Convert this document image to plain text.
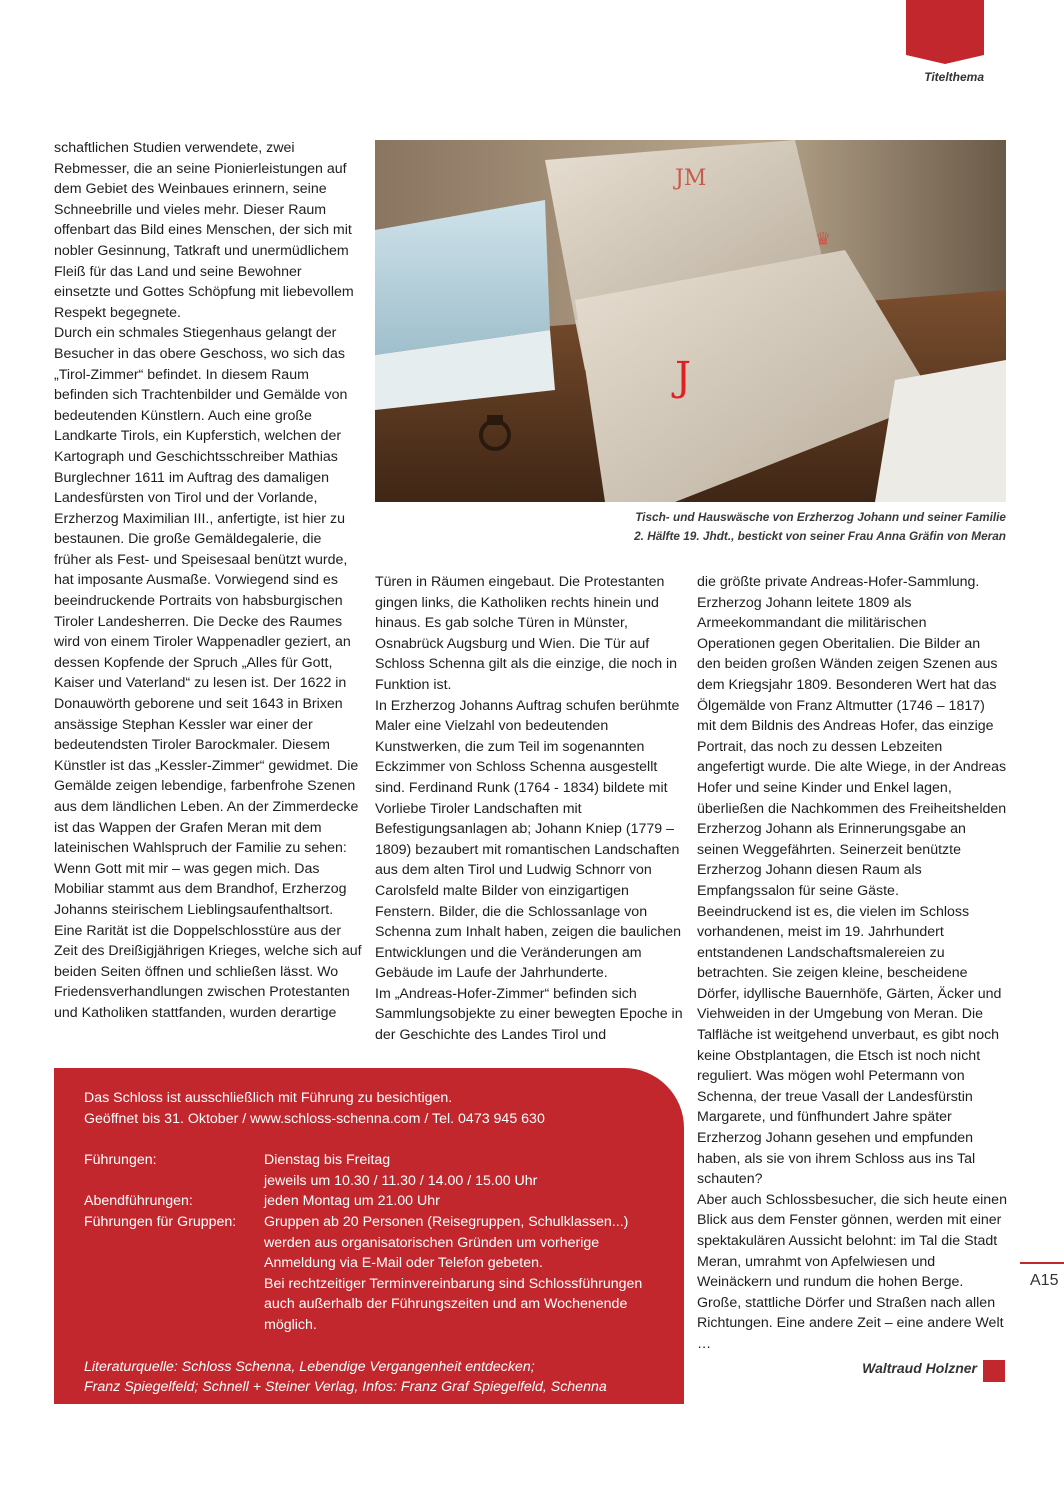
Titelthema

schaftlichen Studien verwendete, zwei Rebmesser, die an seine Pionierleistungen auf dem Gebiet des Weinbaues erinnern, seine Schneebrille und vieles mehr. Dieser Raum offenbart das Bild eines Menschen, der sich mit nobler Gesinnung, Tatkraft und unermüdlichem Fleiß für das Land und seine Bewohner einsetzte und Gottes Schöpfung mit liebevollem Respekt begegnete.

Durch ein schmales Stiegenhaus gelangt der Besucher in das obere Geschoss, wo sich das „Tirol-Zimmer“ befindet. In diesem Raum befinden sich Trachtenbilder und Gemälde von bedeutenden Künstlern. Auch eine große Landkarte Tirols, ein Kupferstich, welchen der Kartograph und Geschichtsschreiber Mathias Burglechner 1611 im Auftrag des damaligen Landesfürsten von Tirol und der Vorlande, Erzherzog Maximilian III., anfertigte, ist hier zu bestaunen. Die große Gemäldegalerie, die früher als Fest- und Speisesaal benützt wurde, hat imposante Ausmaße. Vorwiegend sind es beeindruckende Portraits von habsburgischen Tiroler Landesherren. Die Decke des Raumes wird von einem Tiroler Wappenadler geziert, an dessen Kopfende der Spruch „Alles für Gott, Kaiser und Vaterland“ zu lesen ist. Der 1622 in Donauwörth geborene und seit 1643 in Brixen ansässige Stephan Kessler war einer der bedeutendsten Tiroler Barockmaler. Diesem Künstler ist das „Kessler-Zimmer“ gewidmet. Die Gemälde zeigen lebendige, farbenfrohe Szenen aus dem ländlichen Leben. An der Zimmerdecke ist das Wappen der Grafen Meran mit dem lateinischen Wahlspruch der Familie zu sehen: Wenn Gott mit mir – was gegen mich. Das Mobiliar stammt aus dem Brandhof, Erzherzog Johanns steirischem Lieblingsaufenthaltsort. Eine Rarität ist die Doppelschlosstüre aus der Zeit des Dreißigjährigen Krieges, welche sich auf beiden Seiten öffnen und schließen lässt. Wo Friedensverhandlungen zwischen Protestanten und Katholiken stattfanden, wurden derartige

J
JM
♛
Tisch- und Hauswäsche von Erzherzog Johann und seiner Familie
2. Hälfte 19. Jhdt., bestickt von seiner Frau Anna Gräfin von Meran

Türen in Räumen eingebaut. Die Protestanten gingen links, die Katholiken rechts hinein und hinaus. Es gab solche Türen in Münster, Osnabrück Augsburg und Wien. Die Tür auf Schloss Schenna gilt als die einzige, die noch in Funktion ist.

In Erzherzog Johanns Auftrag schufen berühmte Maler eine Vielzahl von bedeutenden Kunstwerken, die zum Teil im sogenannten Eckzimmer von Schloss Schenna ausgestellt sind. Ferdinand Runk (1764 - 1834) bildete mit Vorliebe Tiroler Landschaften mit Befestigungsanlagen ab; Johann Kniep (1779 – 1809) bezaubert mit romantischen Landschaften aus dem alten Tirol und Ludwig Schnorr von Carolsfeld malte Bilder von einzigartigen Fenstern. Bilder, die die Schlossanlage von Schenna zum Inhalt haben, zeigen die baulichen Entwicklungen und die Veränderungen am Gebäude im Laufe der Jahrhunderte.

Im „Andreas-Hofer-Zimmer“ befinden sich Sammlungsobjekte zu einer bewegten Epoche in der Geschichte des Landes Tirol und

die größte private Andreas-Hofer-Sammlung. Erzherzog Johann leitete 1809 als Armeekommandant die militärischen Operationen gegen Oberitalien. Die Bilder an den beiden großen Wänden zeigen Szenen aus dem Kriegsjahr 1809. Besonderen Wert hat das Ölgemälde von Franz Altmutter (1746 – 1817) mit dem Bildnis des Andreas Hofer, das einzige Portrait, das noch zu dessen Lebzeiten angefertigt wurde. Die alte Wiege, in der Andreas Hofer und seine Kinder und Enkel lagen, überließen die Nachkommen des Freiheitshelden Erzherzog Johann als Erinnerungsgabe an seinen Weggefährten. Seinerzeit benützte Erzherzog Johann diesen Raum als Empfangssalon für seine Gäste.

Beeindruckend ist es, die vielen im Schloss vorhandenen, meist im 19. Jahrhundert entstandenen Landschaftsmalereien zu betrachten. Sie zeigen kleine, bescheidene Dörfer, idyllische Bauernhöfe, Gärten, Äcker und Viehweiden in der Umgebung von Meran. Die Talfläche ist weitgehend unverbaut, es gibt noch keine Obstplantagen, die Etsch ist noch nicht reguliert. Was mögen wohl Petermann von Schenna, der treue Vasall der Landesfürstin Margarete, und fünfhundert Jahre später Erzherzog Johann gesehen und empfunden haben, als sie von ihrem Schloss aus ins Tal schauten?

Aber auch Schlossbesucher, die sich heute einen Blick aus dem Fenster gönnen, werden mit einer spektakulären Aussicht belohnt: im Tal die Stadt Meran, umrahmt von Apfelwiesen und Weinäckern und rundum die hohen Berge. Große, stattliche Dörfer und Straßen nach allen Richtungen. Eine andere Zeit – eine andere Welt …

Das Schloss ist ausschließlich mit Führung zu besichtigen.
Geöffnet bis 31. Oktober / www.schloss-schenna.com / Tel. 0473 945 630
Führungen:	Dienstag bis Freitag
jeweils um 10.30 / 11.30 / 14.00 / 15.00 Uhr
Abendführungen:	jeden Montag um 21.00 Uhr
Führungen für Gruppen:	Gruppen ab 20 Personen (Reisegruppen, Schulklassen...)
werden aus organisatorischen Gründen um vorherige
Anmeldung via E-Mail oder Telefon gebeten.
Bei rechtzeitiger Terminvereinbarung sind Schlossführungen
auch außerhalb der Führungszeiten und am Wochenende
möglich.
Literaturquelle: Schloss Schenna, Lebendige Vergangenheit entdecken;
Franz Spiegelfeld; Schnell + Steiner Verlag, Infos: Franz Graf Spiegelfeld, Schenna
Waltraud Holzner
A15
